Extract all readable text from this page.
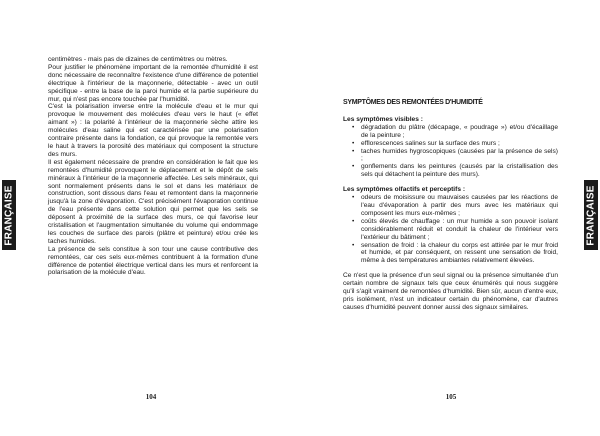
FRANÇAISE

centimètres - mais pas de dizaines de centimètres ou mètres.

Pour justifier le phénomène important de la remontée d'humidité il est donc nécessaire de reconnaître l'existence d'une différence de potentiel électrique à l'intérieur de la maçonnerie, détectable - avec un outil spécifique - entre la base de la paroi humide et la partie supérieure du mur, qui n'est pas encore touchée par l'humidité.

C'est la polarisation inverse entre la molécule d'eau et le mur qui provoque le mouvement des molécules d'eau vers le haut (« effet aimant ») : la polarité à l'intérieur de la maçonnerie sèche attire les molécules d'eau saline qui est caractérisée par une polarisation contraire présente dans la fondation, ce qui provoque la remontée vers le haut à travers la porosité des matériaux qui composent la structure des murs.

Il est également nécessaire de prendre en considération le fait que les remontées d'humidité provoquent le déplacement et le dépôt de sels minéraux à l'intérieur de la maçonnerie affectée. Les sels minéraux, qui sont normalement présents dans le sol et dans les matériaux de construction, sont dissous dans l'eau et remontent dans la maçonnerie jusqu'à la zone d'évaporation. C'est précisément l'évaporation continue de l'eau présente dans cette solution qui permet que les sels se déposent à proximité de la surface des murs, ce qui favorise leur cristallisation et l'augmentation simultanée du volume qui endommage les couches de surface des parois (plâtre et peinture) et/ou crée les taches humides.

La présence de sels constitue à son tour une cause contributive des remontées, car ces sels eux-mêmes contribuent à la formation d'une différence de potentiel électrique vertical dans les murs et renforcent la polarisation de la molécule d'eau.

104
FRANÇAISE

SYMPTÔMES DES REMONTÉES D'HUMIDITÉ

Les symptômes visibles :

• dégradation du plâtre (décapage, « poudrage ») et/ou d'écaillage de la peinture ;
• efflorescences salines sur la surface des murs ;
• taches humides hygroscopiques (causées par la présence de sels) ;
• gonflements dans les peintures (causés par la cristallisation des sels qui détachent la peinture des murs).

Les symptômes olfactifs et perceptifs :

• odeurs de moisissure ou mauvaises causées par les réactions de l'eau d'évaporation à partir des murs avec les matériaux qui composent les murs eux-mêmes ;
• coûts élevés de chauffage : un mur humide a son pouvoir isolant considérablement réduit et conduit la chaleur de l'intérieur vers l'extérieur du bâtiment ;
• sensation de froid : la chaleur du corps est attirée par le mur froid et humide, et par conséquent, on ressent une sensation de froid, même à des températures ambiantes relativement élevées.

Ce n'est que la présence d'un seul signal ou la présence simultanée d'un certain nombre de signaux tels que ceux énumérés qui nous suggère qu'il s'agit vraiment de remontées d'humidité. Bien sûr, aucun d'entre eux, pris isolément, n'est un indicateur certain du phénomène, car d'autres causes d'humidité peuvent donner aussi des signaux similaires.

105
